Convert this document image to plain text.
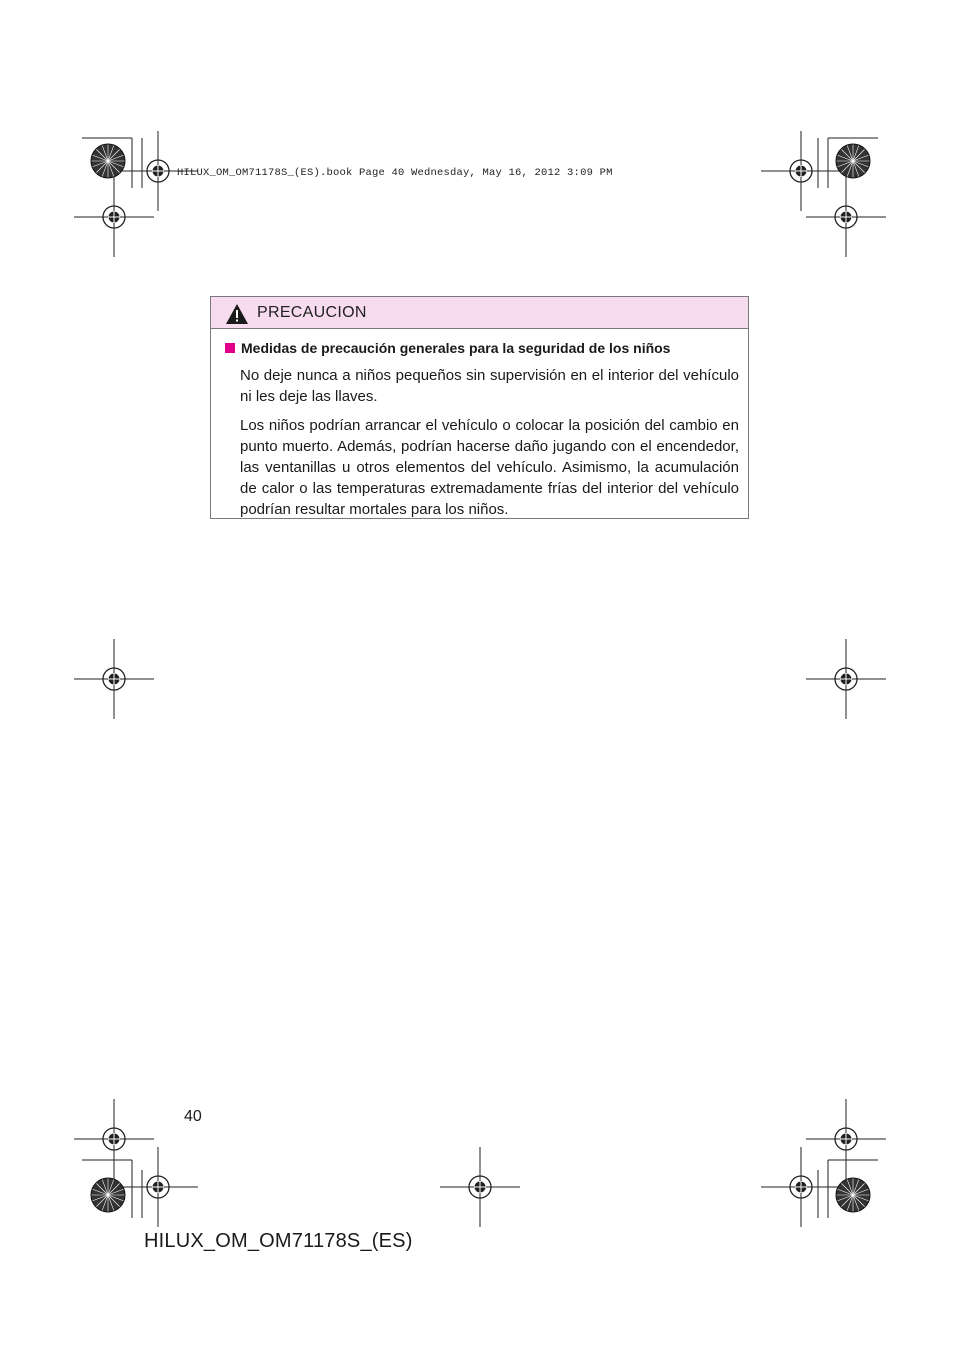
HILUX_OM_OM71178S_(ES).book Page 40 Wednesday, May 16, 2012 3:09 PM
PRECAUCION
Medidas de precaución generales para la seguridad de los niños

No deje nunca a niños pequeños sin supervisión en el interior del vehículo ni les deje las llaves.

Los niños podrían arrancar el vehículo o colocar la posición del cambio en punto muerto. Además, podrían hacerse daño jugando con el encendedor, las ventanillas u otros elementos del vehículo. Asimismo, la acumulación de calor o las temperaturas extremadamente frías del interior del vehículo podrían resultar mortales para los niños.

40
HILUX_OM_OM71178S_(ES)
